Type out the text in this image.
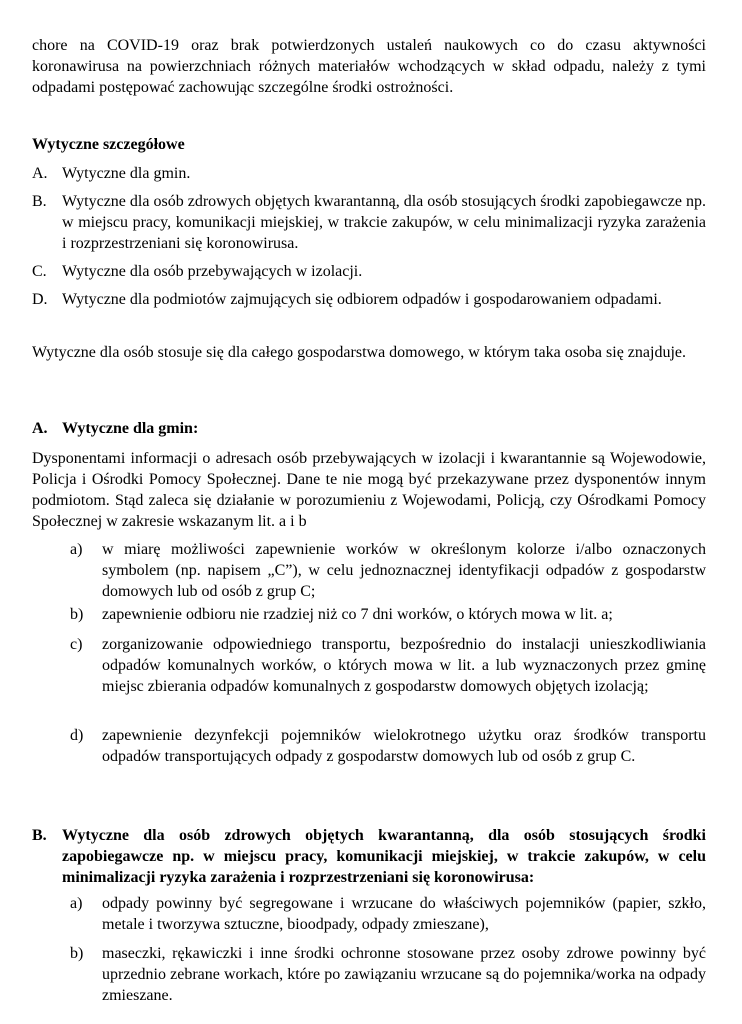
chore na COVID-19 oraz brak potwierdzonych ustaleń naukowych co do czasu aktywności koronawirusa na powierzchniach różnych materiałów wchodzących w skład odpadu, należy z tymi odpadami postępować zachowując szczególne środki ostrożności.

Wytyczne szczegółowe

A. Wytyczne dla gmin.
B. Wytyczne dla osób zdrowych objętych kwarantanną, dla osób stosujących środki zapobiegawcze np. w miejscu pracy, komunikacji miejskiej, w trakcie zakupów, w celu minimalizacji ryzyka zarażenia i rozprzestrzeniani się koronowirusa.
C. Wytyczne dla osób przebywających w izolacji.
D. Wytyczne dla podmiotów zajmujących się odbiorem odpadów i gospodarowaniem odpadami.

Wytyczne dla osób stosuje się dla całego gospodarstwa domowego, w którym taka osoba się znajduje.

A. Wytyczne dla gmin:

Dysponentami informacji o adresach osób przebywających w izolacji i kwarantannie są Wojewodowie, Policja i Ośrodki Pomocy Społecznej. Dane te nie mogą być przekazywane przez dysponentów innym podmiotom. Stąd zaleca się działanie w porozumieniu z Wojewodami, Policją, czy Ośrodkami Pomocy Społecznej w zakresie wskazanym lit. a i b

a)	w miarę możliwości zapewnienie worków w określonym kolorze i/albo oznaczonych symbolem (np. napisem „C”), w celu jednoznacznej identyfikacji odpadów z gospodarstw domowych lub od osób z grup C;
b)	zapewnienie odbioru nie rzadziej niż co 7 dni worków, o których mowa w lit. a;
c)	zorganizowanie odpowiedniego transportu, bezpośrednio do instalacji unieszkodliwiania odpadów komunalnych worków, o których mowa w lit. a lub wyznaczonych przez gminę miejsc zbierania odpadów komunalnych z gospodarstw domowych objętych izolacją;
d)	zapewnienie dezynfekcji pojemników wielokrotnego użytku oraz środków transportu odpadów transportujących odpady z gospodarstw domowych lub od osób z grup C.
B. Wytyczne dla osób zdrowych objętych kwarantanną, dla osób stosujących środki zapobiegawcze np. w miejscu pracy, komunikacji miejskiej, w trakcie zakupów, w celu minimalizacji ryzyka zarażenia i rozprzestrzeniani się koronowirusa:
a)	odpady powinny być segregowane i wrzucane do właściwych pojemników (papier, szkło, metale i tworzywa sztuczne, bioodpady, odpady zmieszane),
b)	maseczki, rękawiczki i inne środki ochronne stosowane przez osoby zdrowe powinny być uprzednio zebrane workach, które po zawiązaniu wrzucane są do pojemnika/worka na odpady zmieszane.
